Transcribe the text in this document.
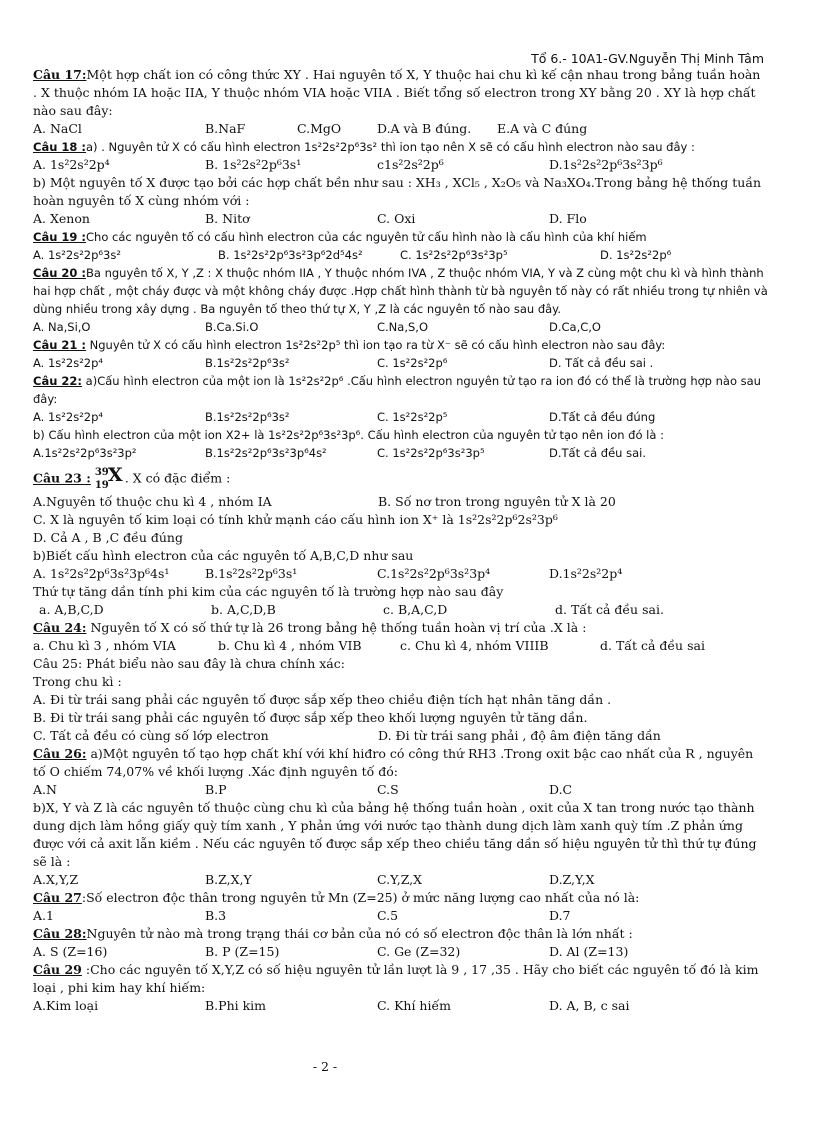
Tổ 6.- 10A1-GV.Nguyễn Thị Minh Tâm
Câu 17:Một hợp chất ion có công thức XY . Hai nguyên tố X, Y thuộc hai chu kì kế cận nhau trong bảng tuần hoàn . X thuộc nhóm IA hoặc IIA, Y thuộc nhóm VIA hoặc VIIA . Biết tổng số electron trong XY bằng 20 . XY là hợp chất nào sau đây:
A. NaCl	B.NaF	C.MgO	D.A và B đúng.	E.A và C đúng
Câu 18 :a) . Nguyên tử X có cấu hình electron 1s²2s²2p⁶3s² thì ion tạo nên X sẽ có cấu hình electron nào sau đây :
A. 1s²2s²2p⁴	B. 1s²2s²2p⁶3s¹	c1s²2s²2p⁶	D.1s²2s²2p⁶3s²3p⁶
b) Một nguyên tố X được tạo bởi các hợp chất bền như sau : XH₃ , XCl₅ , X₂O₅ và Na₃XO₄.Trong bảng hệ thống tuần hoàn nguyên tố X cùng nhóm với :
A. Xenon	B. Nitơ	C. Oxi	D. Flo
Câu 19 :Cho các nguyên tố có cấu hình electron của các nguyên tử cấu hình nào là cấu hình của khí hiếm
A. 1s²2s²2p⁶3s²	B. 1s²2s²2p⁶3s²3p⁶2d⁵4s²	C. 1s²2s²2p⁶3s²3p⁵	D. 1s²2s²2p⁶
Câu 20 :Ba nguyên tố X, Y ,Z : X thuộc nhóm IIA , Y thuộc nhóm IVA , Z thuộc nhóm VIA, Y và Z cùng một chu kì và hình thành hai hợp chất , một cháy được và một không cháy được .Hợp chất hình thành từ bà nguyên tố này có rất nhiều trong tự nhiên và dùng nhiều trong xây dựng . Ba nguyên tố theo thứ tự X, Y ,Z là các nguyên tố nào sau đây.
A. Na,Si,O	B.Ca.Si.O	C.Na,S,O	D.Ca,C,O
Câu 21 : Nguyên tử X có cấu hình electron 1s²2s²2p⁵ thì ion tạo ra từ X⁻ sẽ có cấu hình electron nào sau đây:
A. 1s²2s²2p⁴	B.1s²2s²2p⁶3s²	C. 1s²2s²2p⁶	D. Tất cả đều sai .
Câu 22: a)Cấu hình electron của một ion là 1s²2s²2p⁶ .Cấu hình electron nguyên tử tạo ra ion đó có thể là trường hợp nào sau đây:
A. 1s²2s²2p⁴	B.1s²2s²2p⁶3s²	C. 1s²2s²2p⁵	D.Tất cả đều đúng
b) Cấu hình electron của một ion X2+ là 1s²2s²2p⁶3s²3p⁶. Cấu hình electron của nguyên tử tạo nên ion đó là :
A.1s²2s²2p⁶3s²3p²	B.1s²2s²2p⁶3s²3p⁶4s²	C. 1s²2s²2p⁶3s²3p⁵	D.Tất cả đều sai.
Câu 23 : 39
19 X
. X có đặc điểm :
A.Nguyên tố thuộc chu kì 4 , nhóm IA	B. Số nơ tron trong nguyên tử X là 20
C. X là nguyên tố kim loại có tính khử mạnh cáo cấu hình ion X⁺ là 1s²2s²2p⁶2s²3p⁶
D. Cả A , B ,C đều đúng
b)Biết cấu hình electron của các nguyên tố A,B,C,D như sau
A. 1s²2s²2p⁶3s²3p⁶4s¹	B.1s²2s²2p⁶3s¹	C.1s²2s²2p⁶3s²3p⁴	D.1s²2s²2p⁴
Thứ tự tăng dần tính phi kim của các nguyên tố là trường hợp nào sau đây
a. A,B,C,D	b. A,C,D,B	c. B,A,C,D	d. Tất cả đều sai.
Câu 24: Nguyên tố X có số thứ tự là 26 trong bảng hệ thống tuần hoàn vị trí của .X là :
a. Chu kì 3 , nhóm VIA	b. Chu kì 4 , nhóm VIB	c. Chu kì 4, nhóm VIIIB	d. Tất cả đều sai
Câu 25: Phát biểu nào sau đây là chưa chính xác:
Trong chu kì :
A. Đi từ trái sang phải các nguyên tố được sắp xếp theo chiều điện tích hạt nhân tăng dần .
B. Đi từ trái sang phải các nguyên tố được sắp xếp theo khối lượng nguyên tử tăng dần.
C. Tất cả đều có cùng số lớp electron	D. Đi từ trái sang phải , độ âm điện tăng dần
Câu 26: a)Một nguyên tố tạo hợp chất khí với khí hiđro có công thứ RH3 .Trong oxit bậc cao nhất của R , nguyên tố O chiếm 74,07% về khối lượng .Xác định nguyên tố đó:
A.N	B.P	C.S	D.C
b)X, Y và Z là các nguyên tố thuộc cùng chu kì của bảng hệ thống tuần hoàn , oxit của X tan trong nước tạo thành dung dịch làm hồng giấy quỳ tím xanh , Y phản ứng với nước tạo thành dung dịch làm xanh quỳ tím .Z phản ứng được với cả axit lẫn kiềm . Nếu các nguyên tố được sắp xếp theo chiều tăng dần số hiệu nguyên tử thì thứ tự đúng sẽ là :
A.X,Y,Z	B.Z,X,Y	C.Y,Z,X	D.Z,Y,X
Câu 27:Số electron độc thân trong nguyên tử Mn (Z=25) ở mức năng lượng cao nhất của nó là:
A.1	B.3	C.5	D.7
Câu 28:Nguyên tử nào mà trong trạng thái cơ bản của nó có số electron độc thân là lớn nhất :
A. S (Z=16)	B. P (Z=15)	C. Ge (Z=32)	D. Al (Z=13)
Câu 29 :Cho các nguyên tố X,Y,Z có số hiệu nguyên tử lần lượt là 9 , 17 ,35 . Hãy cho biết các nguyên tố đó là kim loại , phi kim hay khí hiếm:
A.Kim loại	B.Phi kim	C. Khí hiếm	D. A, B, c sai
- 2 -
